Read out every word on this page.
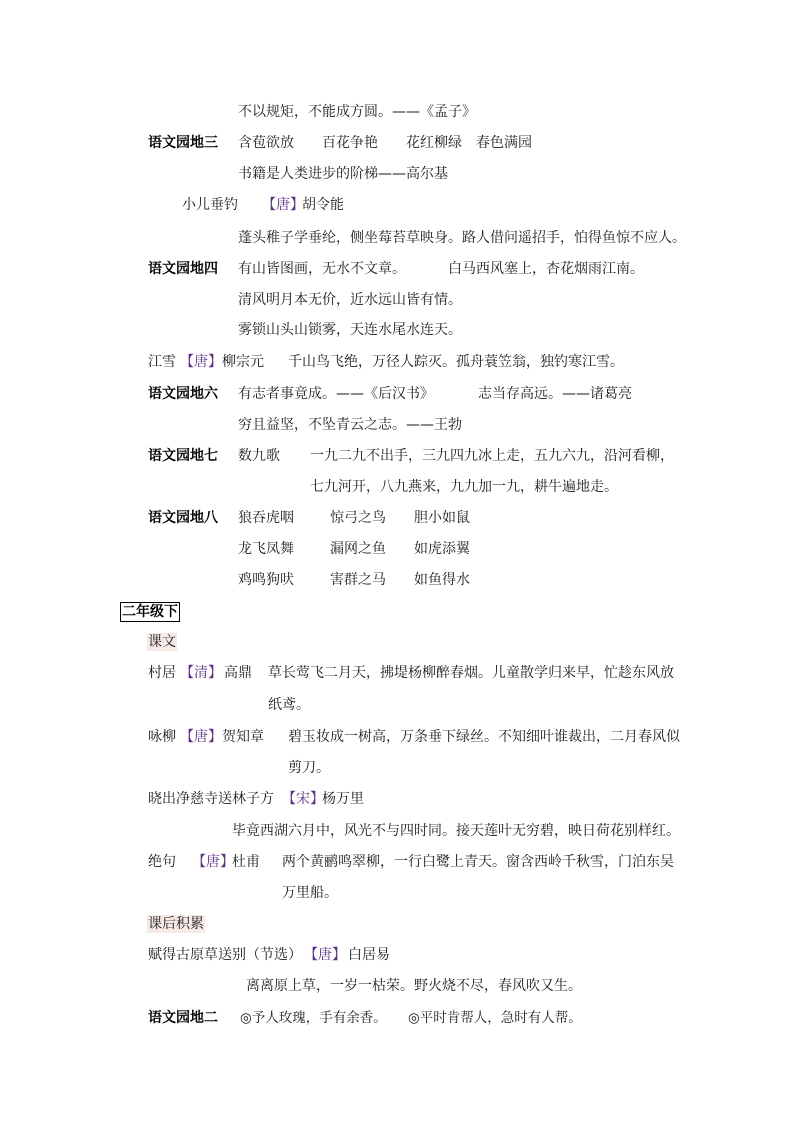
不以规矩，不能成方圆。——《孟子》
语文园地三 含苞欲放 百花争艳 花红柳绿 春色满园
书籍是人类进步的阶梯——高尔基
小儿垂钓 【唐】
胡令能
蓬头稚子学垂纶，侧坐莓苔草映身。路人借问遥招手，怕得鱼惊不应人。
语文园地四 有山皆图画，无水不文章。	白马西风塞上，杏花烟雨江南。
清风明月本无价，近水远山皆有情。
雾锁山头山锁雾，天连水尾水连天。
江雪 【唐】 柳宗元 千山鸟飞绝，万径人踪灭。孤舟蓑笠翁，独钓寒江雪。
语文园地六 有志者事竟成。——《后汉书》	志当存高远。——诸葛亮
穷且益坚，不坠青云之志。——王勃
语文园地七 数九歌 一九二九不出手，三九四九冰上走，五九六九，沿河看柳，
七九河开，八九燕来，九九加一九，耕牛遍地走。
语文园地八 狼吞虎咽	惊弓之鸟 胆小如鼠
龙飞凤舞	漏网之鱼 如虎添翼
鸡鸣狗吠	害群之马 如鱼得水
二年级下
课文
村居 【清】 高鼎 草长莺飞二月天，拂堤杨柳醉春烟。儿童散学归来早，忙趁东风放
纸鸢。
咏柳 【唐】 贺知章 碧玉妆成一树高，万条垂下绿丝。不知细叶谁裁出，二月春风似
剪刀。
晓出净慈寺送林子方 【宋】
杨万里
毕竟西湖六月中，风光不与四时同。接天莲叶无穷碧，映日荷花别样红。
绝句 【唐】
杜甫 两个黄鹂鸣翠柳，一行白鹭上青天。窗含西岭千秋雪，门泊东吴
万里船。
课后积累
赋得古原草送别（节选） 【唐】 白居易
离离原上草，一岁一枯荣。野火烧不尽，春风吹又生。
语文园地二 ◎予人玫瑰，手有余香。 ◎平时肯帮人，急时有人帮。
